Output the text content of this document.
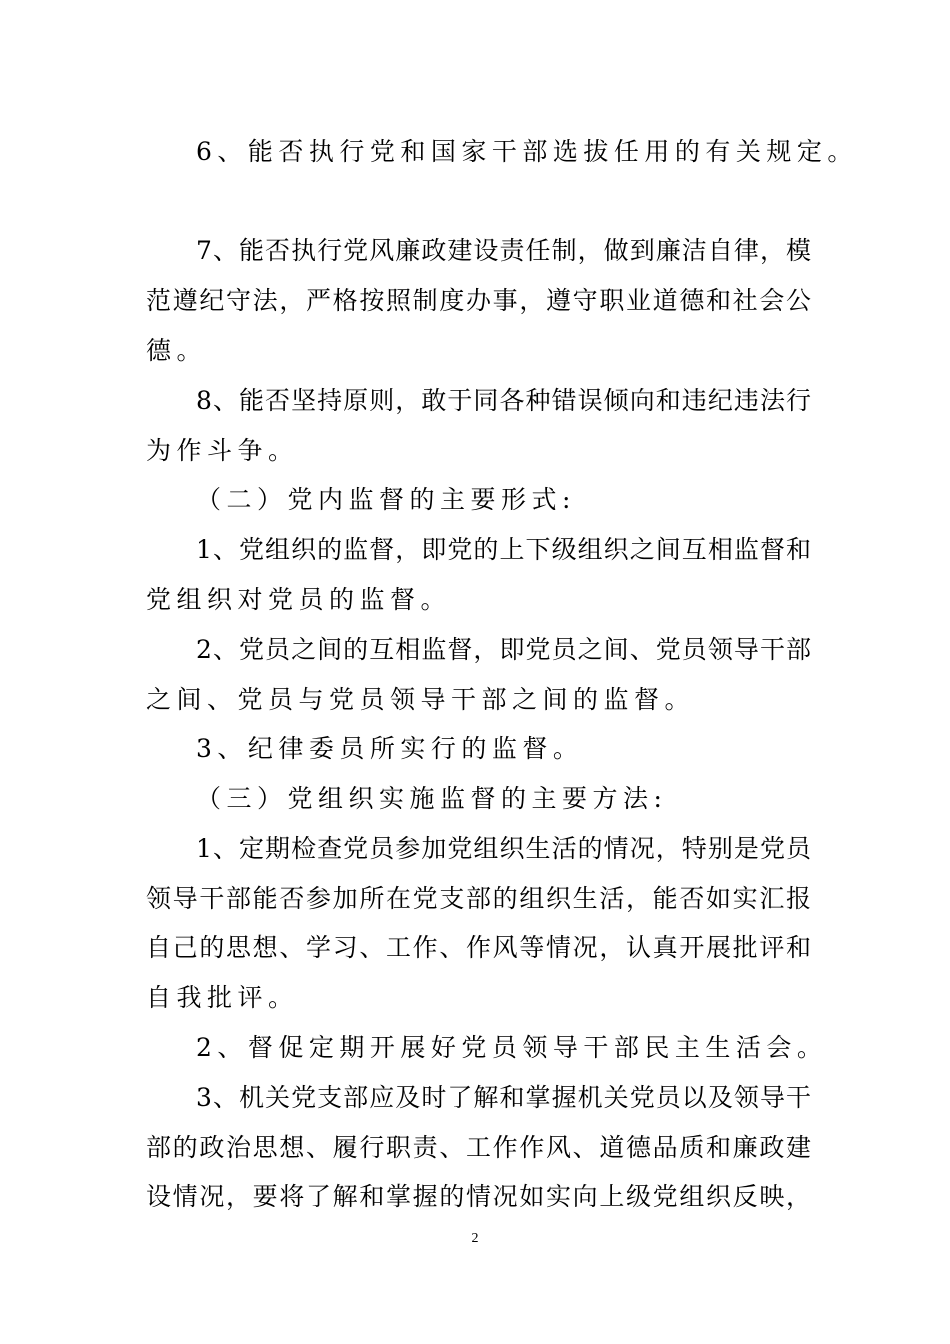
6、能否执行党和国家干部选拔任用的有关规定。
7、能否执行党风廉政建设责任制，做到廉洁自律，模
范遵纪守法，严格按照制度办事，遵守职业道德和社会公
德。
8、能否坚持原则，敢于同各种错误倾向和违纪违法行
为作斗争。
（二）党内监督的主要形式:
1、党组织的监督，即党的上下级组织之间互相监督和
党组织对党员的监督。
2、党员之间的互相监督，即党员之间、党员领导干部
之间、党员与党员领导干部之间的监督。
3、纪律委员所实行的监督。
（三）党组织实施监督的主要方法:
1、定期检查党员参加党组织生活的情况，特别是党员
领导干部能否参加所在党支部的组织生活，能否如实汇报
自己的思想、学习、工作、作风等情况，认真开展批评和
自我批评。
2、督促定期开展好党员领导干部民主生活会。
3、机关党支部应及时了解和掌握机关党员以及领导干
部的政治思想、履行职责、工作作风、道德品质和廉政建
设情况，要将了解和掌握的情况如实向上级党组织反映，
2
